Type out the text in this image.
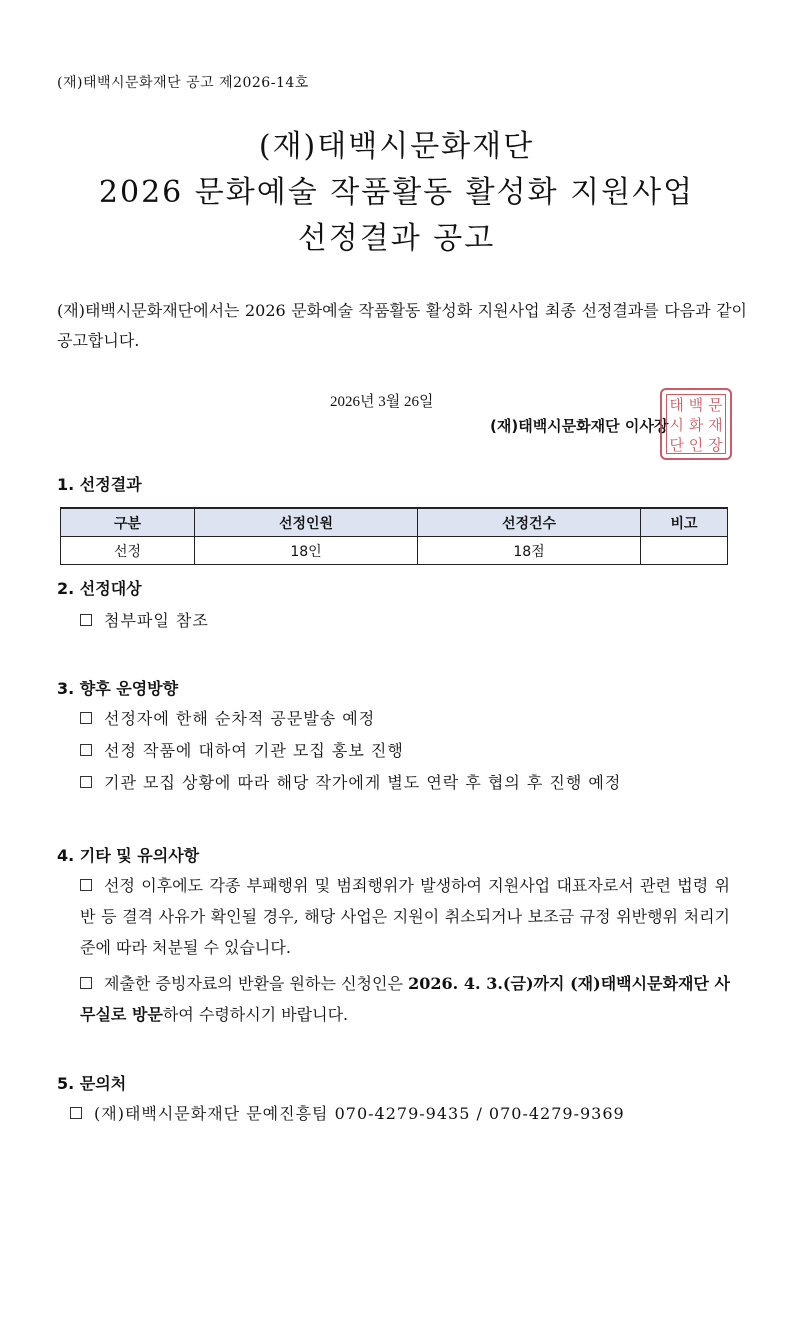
(재)태백시문화재단 공고 제2026-14호
(재)태백시문화재단
2026 문화예술 작품활동 활성화 지원사업
선정결과 공고
(재)태백시문화재단에서는 2026 문화예술 작품활동 활성화 지원사업 최종 선정결과를 다음과 같이 공고합니다.
2026년 3월 26일
(재)태백시문화재단 이사장
태 백 문
시 화 재
단 인 장
1. 선정결과
구분	선정인원	선정건수	비고
선정	18인	18점	
2. 선정대상
첨부파일 참조
3. 향후 운영방향
선정자에 한해 순차적 공문발송 예정
선정 작품에 대하여 기관 모집 홍보 진행
기관 모집 상황에 따라 해당 작가에게 별도 연락 후 협의 후 진행 예정
4. 기타 및 유의사항
선정 이후에도 각종 부패행위 및 범죄행위가 발생하여 지원사업 대표자로서 관련 법령 위반 등 결격 사유가 확인될 경우, 해당 사업은 지원이 취소되거나 보조금 규정 위반행위 처리기준에 따라 처분될 수 있습니다.
제출한 증빙자료의 반환을 원하는 신청인은 2026. 4. 3.(금)까지 (재)태백시문화재단 사무실로 방문하여 수령하시기 바랍니다.
5. 문의처
(재)태백시문화재단 문예진흥팀 070-4279-9435 / 070-4279-9369
